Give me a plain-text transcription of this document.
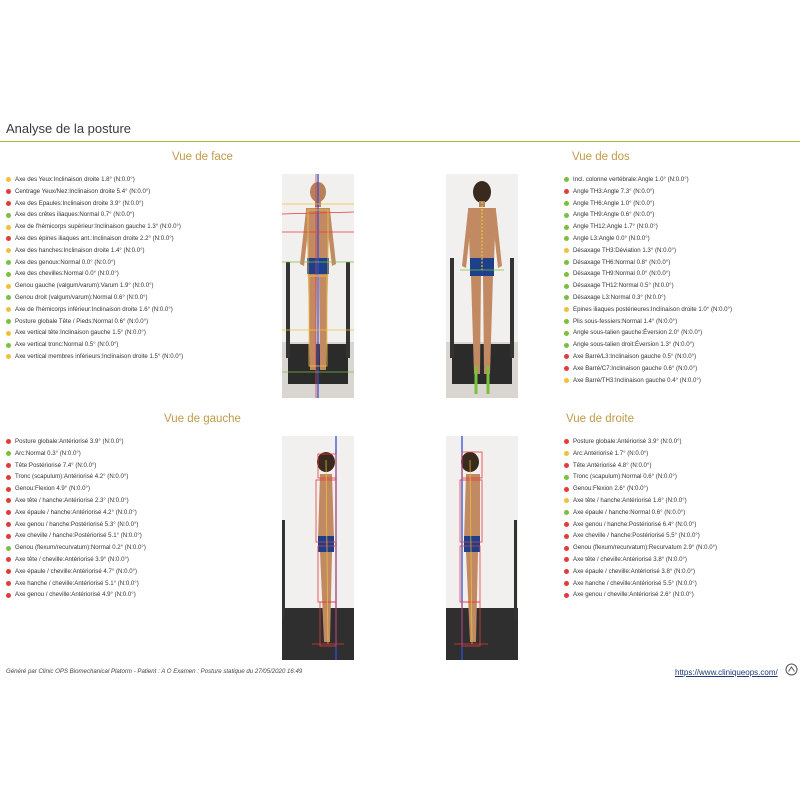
Analyse de la posture
Vue de face
Axe des Yeux : Inclinaison droite 1.8° (N:0.0°)
Centrage Yeux/Nez : Inclinaison droite 5.4° (N:0.0°)
Axe des Epaules : Inclinaison droite 3.9° (N:0.0°)
Axe des crêtes iliaques : Normal 0.7° (N:0.0°)
Axe de l'hémicorps supérieur : Inclinaison gauche 1.3° (N:0.0°)
Axe des épines iliaques ant. : Inclinaison droite 2.2° (N:0.0°)
Axe des hanches : Inclinaison droite 1.4° (N:0.0°)
Axe des genoux : Normal 0.0° (N:0.0°)
Axe des chevilles : Normal 0.0° (N:0.0°)
Genou gauche (valgum/varum) : Varum 1.9° (N:0.0°)
Genou droit (valgum/varum) : Normal 0.6° (N:0.0°)
Axe de l'hémicorps inférieur : Inclinaison droite 1.6° (N:0.0°)
Posture globale Tête / Pieds : Normal 0.6° (N:0.0°)
Axe vertical tête : Inclinaison gauche 1.5° (N:0.0°)
Axe vertical tronc : Normal 0.5° (N:0.0°)
Axe vertical membres inférieurs : Inclinaison droite 1.5° (N:0.0°)
Vue de dos
Incl. colonne vertébrale : Angle 1.0° (N:0.0°)
Angle TH3 : Angle 7.3° (N:0.0°)
Angle TH6 : Angle 1.0° (N:0.0°)
Angle TH9 : Angle 0.6° (N:0.0°)
Angle TH12 : Angle 1.7° (N:0.0°)
Angle L3 : Angle 0.0° (N:0.0°)
Désaxage TH3 : Déviation 1.3° (N:0.0°)
Désaxage TH6 : Normal 0.8° (N:0.0°)
Désaxage TH9 : Normal 0.0° (N:0.0°)
Désaxage TH12 : Normal 0.5° (N:0.0°)
Désaxage L3 : Normal 0.3° (N:0.0°)
Epines iliaques postérieures : Inclinaison droite 1.0° (N:0.0°)
Plis sous-fessiers : Normal 1.4° (N:0.0°)
Angle sous-talien gauche : Éversion 2.0° (N:0.0°)
Angle sous-talien droit : Éversion 1.3° (N:0.0°)
Axe Barré/L3 : Inclinaison gauche 0.5° (N:0.0°)
Axe Barré/C7 : Inclinaison gauche 0.6° (N:0.0°)
Axe Barré/TH3 : Inclinaison gauche 0.4° (N:0.0°)
Vue de gauche
Posture globale : Antériorisé 3.9° (N:0.0°)
Arc : Normal 0.3° (N:0.0°)
Tête : Postériorisé 7.4° (N:0.0°)
Tronc (scapulum) : Antériorisé 4.2° (N:0.0°)
Genou : Flexion 4.9° (N:0.0°)
Axe tête / hanche : Antériorisé 2.3° (N:0.0°)
Axe épaule / hanche : Antériorisé 4.2° (N:0.0°)
Axe genou / hanche : Postériorisé 5.3° (N:0.0°)
Axe cheville / hanche : Postériorisé 5.1° (N:0.0°)
Genou (flexum/recurvatum) : Normal 0.2° (N:0.0°)
Axe tête / cheville : Antériorisé 3.9° (N:0.0°)
Axe épaule / cheville : Antériorisé 4.7° (N:0.0°)
Axe hanche / cheville : Antériorisé 5.1° (N:0.0°)
Axe genou / cheville : Antériorisé 4.9° (N:0.0°)
Vue de droite
Posture globale : Antériorisé 3.9° (N:0.0°)
Arc : Antériorisé 1.7° (N:0.0°)
Tête : Antériorisé 4.8° (N:0.0°)
Tronc (scapulum) : Normal 0.6° (N:0.0°)
Genou : Flexion 2.6° (N:0.0°)
Axe tête / hanche : Antériorisé 1.6° (N:0.0°)
Axe épaule / hanche : Normal 0.6° (N:0.0°)
Axe genou / hanche : Postériorisé 6.4° (N:0.0°)
Axe cheville / hanche : Postériorisé 5.5° (N:0.0°)
Genou (flexum/recurvatum) : Recurvatum 2.9° (N:0.0°)
Axe tête / cheville : Antériorisé 3.8° (N:0.0°)
Axe épaule / cheville : Antériorisé 3.8° (N:0.0°)
Axe hanche / cheville : Antériorisé 5.5° (N:0.0°)
Axe genou / cheville : Antériorisé 2.6° (N:0.0°)
Généré par Clinic OPS Biomechanical Platorm - Patient : A O Examen : Posture statique du 27/05/2020 16:49	https://www.cliniqueops.com/
